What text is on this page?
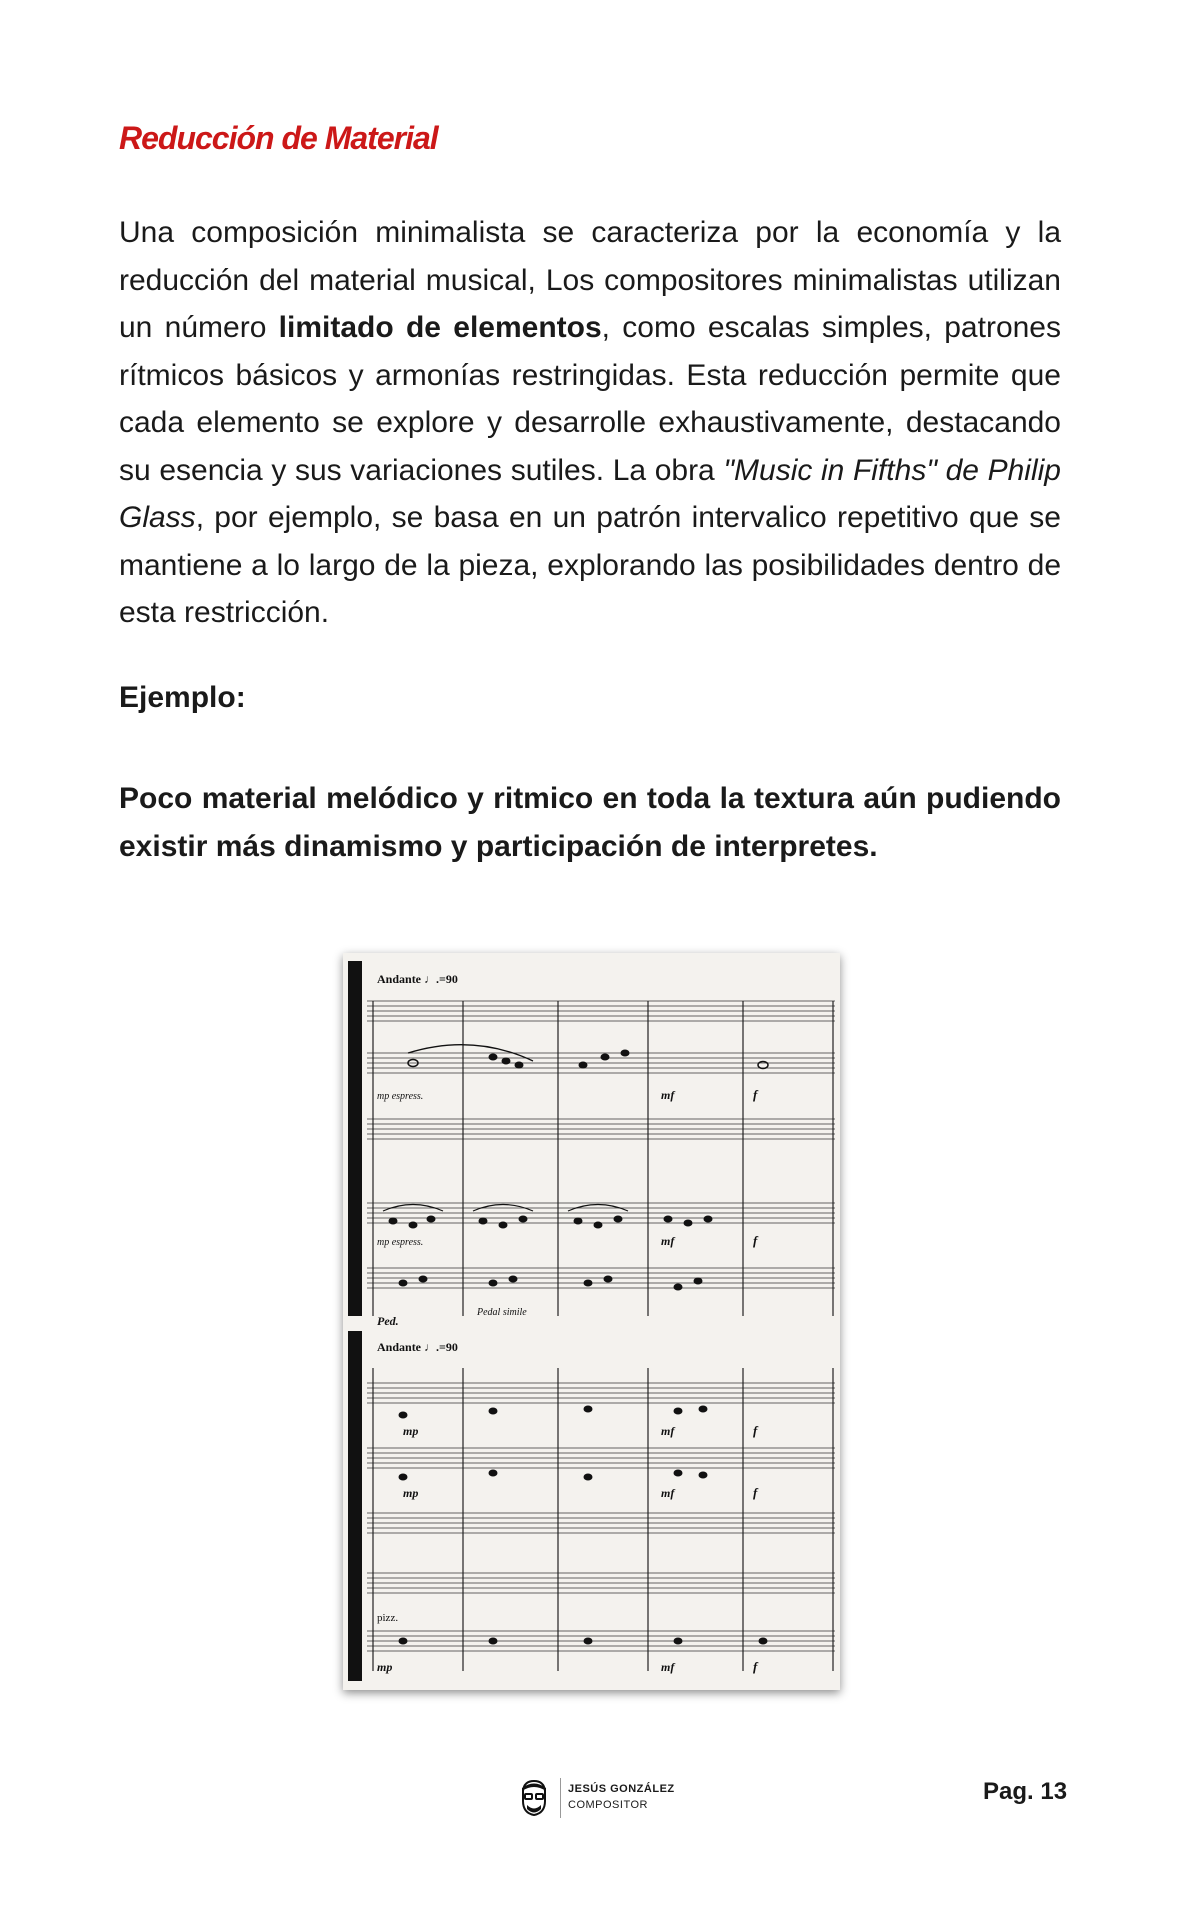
Reducción de Material

Una composición minimalista se caracteriza por la economía y la reducción del material musical, Los compositores minimalistas utilizan un número limitado de elementos, como escalas simples, patrones rítmicos básicos y armonías restringidas. Esta reducción permite que cada elemento se explore y desarrolle exhaustivamente, destacando su esencia y sus variaciones sutiles. La obra "Music in Fifths" de Philip Glass, por ejemplo, se basa en un patrón intervalico repetitivo que se mantiene a lo largo de la pieza, explorando las posibilidades dentro de esta restricción.

Ejemplo:

Poco material melódico y ritmico en toda la textura aún pudiendo existir más dinamismo y participación de interpretes.

Andante ♩.=90
mp espress.	mf	f
mp espress.	mf	f
Ped.
Pedal simile
Andante ♩.=90
mp	mf	f
mp	mf	f
pizz.
mp	mf	f
JESÚS GONZÁLEZ
COMPOSITOR	Pag. 13
